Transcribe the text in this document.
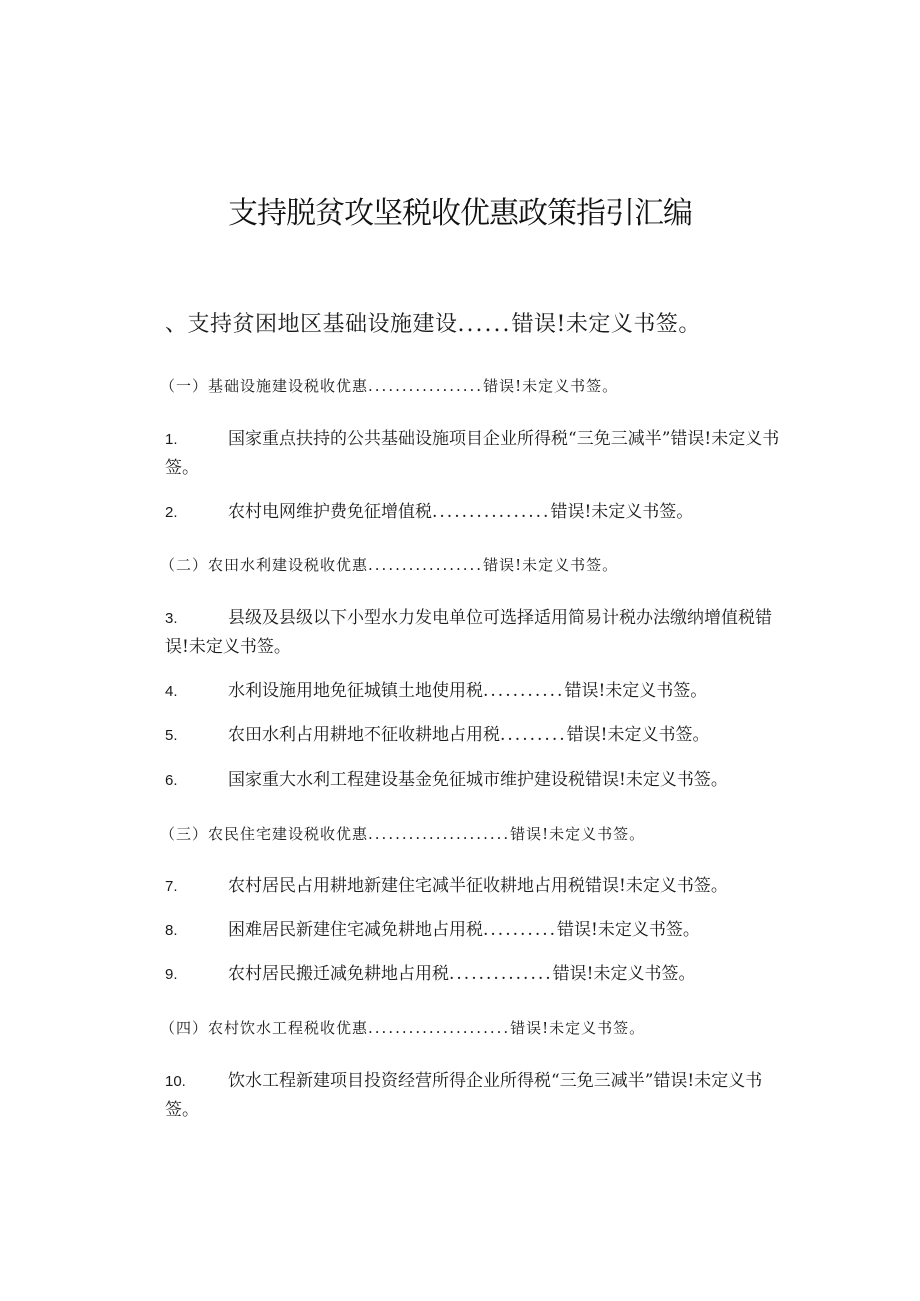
支持脱贫攻坚税收优惠政策指引汇编
、支持贫困地区基础设施建设......错误!未定义书签。
（一）基础设施建设税收优惠.................错误!未定义书签。
1.	国家重点扶持的公共基础设施项目企业所得税“三免三减半”错误!未定义书签。
2.	农村电网维护费免征增值税................错误!未定义书签。
（二）农田水利建设税收优惠.................错误!未定义书签。
3.	县级及县级以下小型水力发电单位可选择适用简易计税办法缴纳增值税错误!未定义书签。
4.	水利设施用地免征城镇土地使用税...........错误!未定义书签。
5.	农田水利占用耕地不征收耕地占用税.........错误!未定义书签。
6.	国家重大水利工程建设基金免征城市维护建设税错误!未定义书签。
（三）农民住宅建设税收优惠.....................错误!未定义书签。
7.	农村居民占用耕地新建住宅减半征收耕地占用税错误!未定义书签。
8.	困难居民新建住宅减免耕地占用税..........错误!未定义书签。
9.	农村居民搬迁减免耕地占用税..............错误!未定义书签。
（四）农村饮水工程税收优惠.....................错误!未定义书签。
10. 饮水工程新建项目投资经营所得企业所得税“三免三减半”错误!未定义书签。
